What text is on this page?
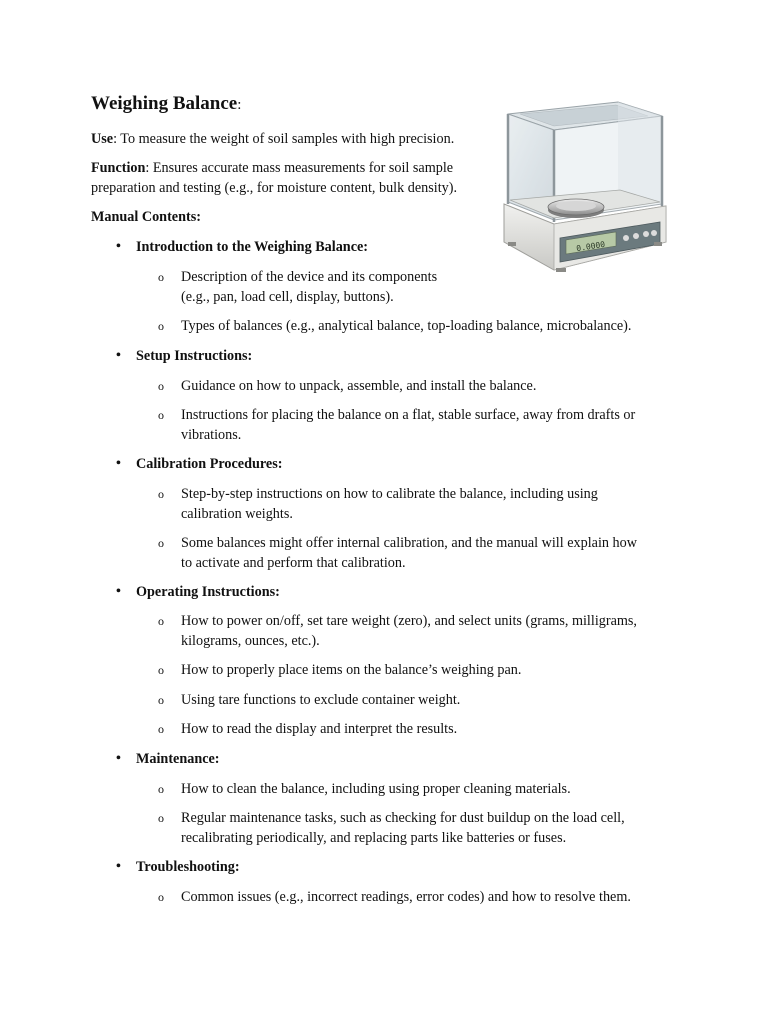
Weighing Balance:

Use: To measure the weight of soil samples with high precision.

Function: Ensures accurate mass measurements for soil sample preparation and testing (e.g., for moisture content, bulk density).

Manual Contents:

0.0000
• Introduction to the Weighing Balance:
o Description of the device and its components
(e.g., pan, load cell, display, buttons).
o Types of balances (e.g., analytical balance, top-loading balance, microbalance).
• Setup Instructions:
o Guidance on how to unpack, assemble, and install the balance.
o Instructions for placing the balance on a flat, stable surface, away from drafts or
vibrations.
• Calibration Procedures:
o Step-by-step instructions on how to calibrate the balance, including using
calibration weights.
o Some balances might offer internal calibration, and the manual will explain how
to activate and perform that calibration.
• Operating Instructions:
o How to power on/off, set tare weight (zero), and select units (grams, milligrams,
kilograms, ounces, etc.).
o How to properly place items on the balance’s weighing pan.
o Using tare functions to exclude container weight.
o How to read the display and interpret the results.
• Maintenance:
o How to clean the balance, including using proper cleaning materials.
o Regular maintenance tasks, such as checking for dust buildup on the load cell,
recalibrating periodically, and replacing parts like batteries or fuses.
• Troubleshooting:
o Common issues (e.g., incorrect readings, error codes) and how to resolve them.
